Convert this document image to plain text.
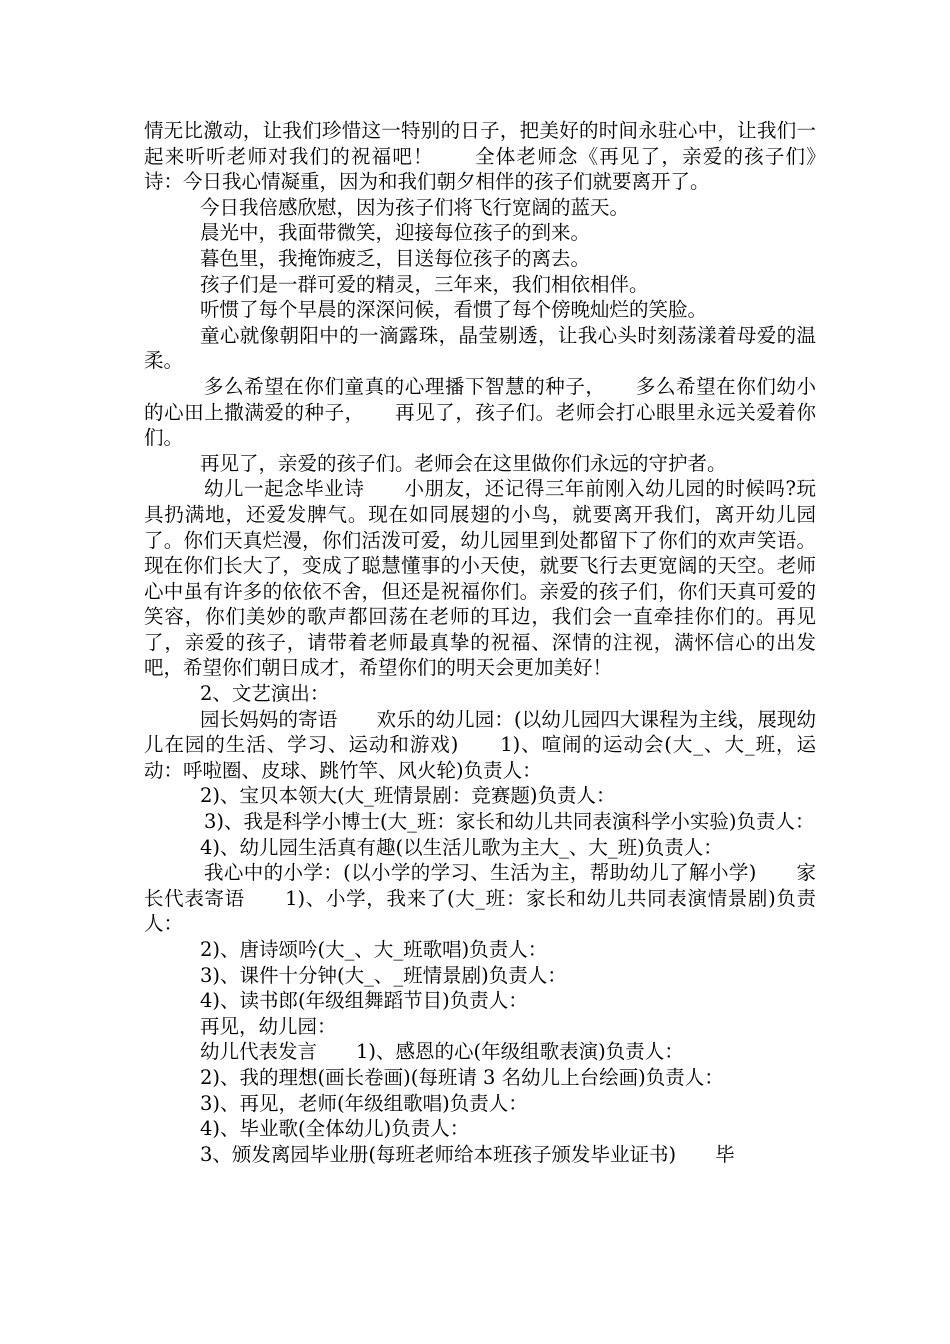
情无比激动，让我们珍惜这一特别的日子，把美好的时间永驻心中，让我们一起来听听老师对我们的祝福吧！　　全体老师念《再见了，亲爱的孩子们》　　诗：今日我心情凝重，因为和我们朝夕相伴的孩子们就要离开了。

今日我倍感欣慰，因为孩子们将飞行宽阔的蓝天。

晨光中，我面带微笑，迎接每位孩子的到来。

暮色里，我掩饰疲乏，目送每位孩子的离去。

孩子们是一群可爱的精灵，三年来，我们相依相伴。

听惯了每个早晨的深深问候，看惯了每个傍晚灿烂的笑脸。

童心就像朝阳中的一滴露珠，晶莹剔透，让我心头时刻荡漾着母爱的温柔。

多么希望在你们童真的心理播下智慧的种子，　　多么希望在你们幼小的心田上撒满爱的种子，　　再见了，孩子们。老师会打心眼里永远关爱着你们。

再见了，亲爱的孩子们。老师会在这里做你们永远的守护者。

幼儿一起念毕业诗　　小朋友，还记得三年前刚入幼儿园的时候吗?玩具扔满地，还爱发脾气。现在如同展翅的小鸟，就要离开我们，离开幼儿园了。你们天真烂漫，你们活泼可爱，幼儿园里到处都留下了你们的欢声笑语。现在你们长大了，变成了聪慧懂事的小天使，就要飞行去更宽阔的天空。老师心中虽有许多的依依不舍，但还是祝福你们。亲爱的孩子们，你们天真可爱的笑容，你们美妙的歌声都回荡在老师的耳边，我们会一直牵挂你们的。再见了，亲爱的孩子，请带着老师最真挚的祝福、深情的注视，满怀信心的出发吧，希望你们朝日成才，希望你们的明天会更加美好！

2、文艺演出：

园长妈妈的寄语　　欢乐的幼儿园：(以幼儿园四大课程为主线，展现幼儿在园的生活、学习、运动和游戏)　　1)、喧闹的运动会(大_、大_班，运动：呼啦圈、皮球、跳竹竿、风火轮)负责人：

2)、宝贝本领大(大_班情景剧：竞赛题)负责人：

3)、我是科学小博士(大_班：家长和幼儿共同表演科学小实验)负责人：

4)、幼儿园生活真有趣(以生活儿歌为主大_、大_班)负责人：

我心中的小学：(以小学的学习、生活为主，帮助幼儿了解小学)　　家长代表寄语　　1)、小学，我来了(大_班：家长和幼儿共同表演情景剧)负责人：

2)、唐诗颂吟(大_、大_班歌唱)负责人：

3)、课件十分钟(大_、_班情景剧)负责人：

4)、读书郎(年级组舞蹈节目)负责人：

再见，幼儿园：

幼儿代表发言　　1)、感恩的心(年级组歌表演)负责人：

2)、我的理想(画长卷画)(每班请 3 名幼儿上台绘画)负责人：

3)、再见，老师(年级组歌唱)负责人：

4)、毕业歌(全体幼儿)负责人：

3、颁发离园毕业册(每班老师给本班孩子颁发毕业证书)　　毕
